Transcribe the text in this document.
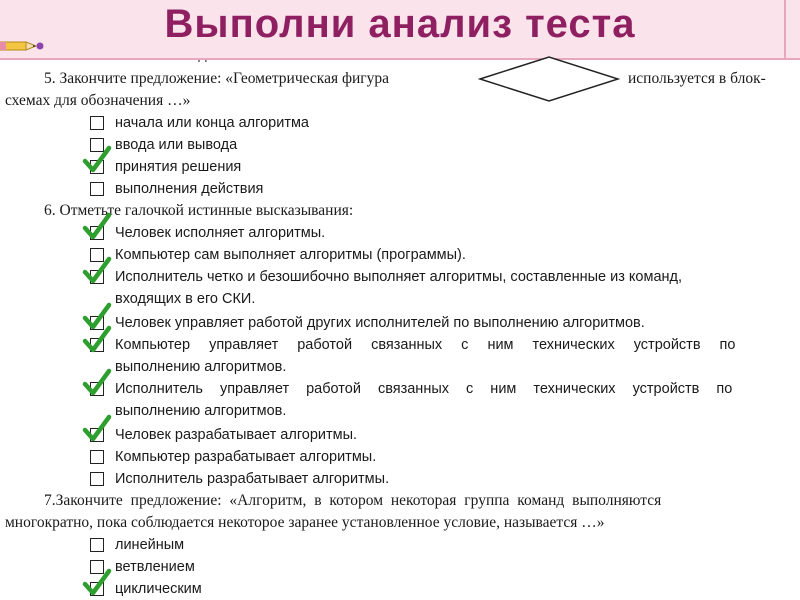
Выполни анализ теста
5. Закончите предложение: «Геометрическая фигура	используется в блок-
схемах для обозначения …»
начала или конца алгоритма
ввода или вывода
принятия решения
выполнения действия
6. Отметьте галочкой истинные высказывания:
Человек исполняет алгоритмы.
Компьютер сам выполняет алгоритмы (программы).
Исполнитель четко и безошибочно выполняет алгоритмы, составленные из команд,
входящих в его СКИ.
Человек управляет работой других исполнителей по выполнению алгоритмов.
Компьютер управляет работой связанных с ним технических устройств по
выполнению алгоритмов.
Исполнитель управляет работой связанных с ним технических устройств по
выполнению алгоритмов.
Человек разрабатывает алгоритмы.
Компьютер разрабатывает алгоритмы.
Исполнитель разрабатывает алгоритмы.
7.Закончите предложение: «Алгоритм, в котором некоторая группа команд выполняются
многократно, пока соблюдается некоторое заранее установленное условие, называется …»
линейным
ветвлением
циклическим
